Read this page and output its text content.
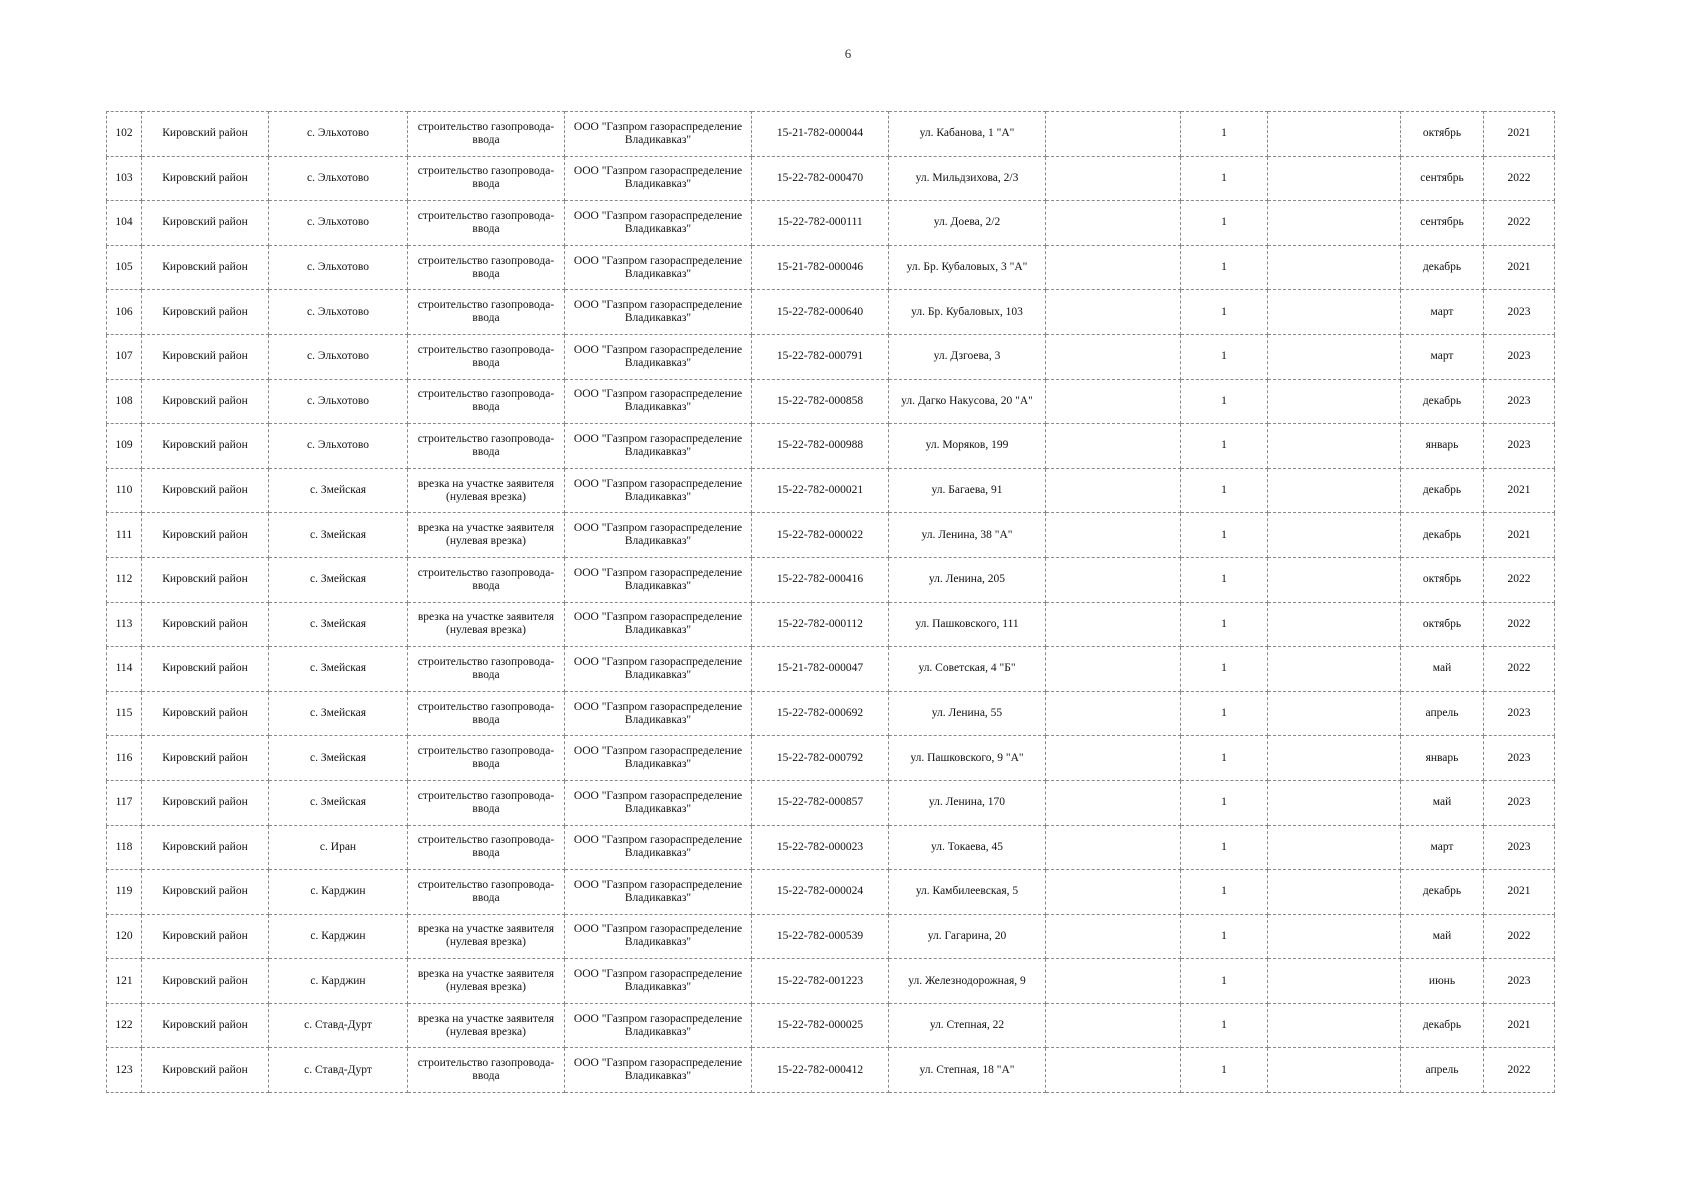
6
102	Кировский район	с. Эльхотово	строительство газопровода-ввода	ООО "Газпром газораспределение Владикавказ"	15-21-782-000044	ул. Кабанова, 1 "А"		1		октябрь	2021
103	Кировский район	с. Эльхотово	строительство газопровода-ввода	ООО "Газпром газораспределение Владикавказ"	15-22-782-000470	ул. Мильдзихова, 2/3		1		сентябрь	2022
104	Кировский район	с. Эльхотово	строительство газопровода-ввода	ООО "Газпром газораспределение Владикавказ"	15-22-782-000111	ул. Доева, 2/2		1		сентябрь	2022
105	Кировский район	с. Эльхотово	строительство газопровода-ввода	ООО "Газпром газораспределение Владикавказ"	15-21-782-000046	ул. Бр. Кубаловых, 3 "А"		1		декабрь	2021
106	Кировский район	с. Эльхотово	строительство газопровода-ввода	ООО "Газпром газораспределение Владикавказ"	15-22-782-000640	ул. Бр. Кубаловых, 103		1		март	2023
107	Кировский район	с. Эльхотово	строительство газопровода-ввода	ООО "Газпром газораспределение Владикавказ"	15-22-782-000791	ул. Дзгоева, 3		1		март	2023
108	Кировский район	с. Эльхотово	строительство газопровода-ввода	ООО "Газпром газораспределение Владикавказ"	15-22-782-000858	ул. Дагко Накусова, 20 "А"		1		декабрь	2023
109	Кировский район	с. Эльхотово	строительство газопровода-ввода	ООО "Газпром газораспределение Владикавказ"	15-22-782-000988	ул. Моряков, 199		1		январь	2023
110	Кировский район	с. Змейская	врезка на участке заявителя (нулевая врезка)	ООО "Газпром газораспределение Владикавказ"	15-22-782-000021	ул. Багаева, 91		1		декабрь	2021
111	Кировский район	с. Змейская	врезка на участке заявителя (нулевая врезка)	ООО "Газпром газораспределение Владикавказ"	15-22-782-000022	ул. Ленина, 38 "А"		1		декабрь	2021
112	Кировский район	с. Змейская	строительство газопровода-ввода	ООО "Газпром газораспределение Владикавказ"	15-22-782-000416	ул. Ленина, 205		1		октябрь	2022
113	Кировский район	с. Змейская	врезка на участке заявителя (нулевая врезка)	ООО "Газпром газораспределение Владикавказ"	15-22-782-000112	ул. Пашковского, 111		1		октябрь	2022
114	Кировский район	с. Змейская	строительство газопровода-ввода	ООО "Газпром газораспределение Владикавказ"	15-21-782-000047	ул. Советская, 4 "Б"		1		май	2022
115	Кировский район	с. Змейская	строительство газопровода-ввода	ООО "Газпром газораспределение Владикавказ"	15-22-782-000692	ул. Ленина, 55		1		апрель	2023
116	Кировский район	с. Змейская	строительство газопровода-ввода	ООО "Газпром газораспределение Владикавказ"	15-22-782-000792	ул. Пашковского, 9 "А"		1		январь	2023
117	Кировский район	с. Змейская	строительство газопровода-ввода	ООО "Газпром газораспределение Владикавказ"	15-22-782-000857	ул. Ленина, 170		1		май	2023
118	Кировский район	с. Иран	строительство газопровода-ввода	ООО "Газпром газораспределение Владикавказ"	15-22-782-000023	ул. Токаева, 45		1		март	2023
119	Кировский район	с. Карджин	строительство газопровода-ввода	ООО "Газпром газораспределение Владикавказ"	15-22-782-000024	ул. Камбилеевская, 5		1		декабрь	2021
120	Кировский район	с. Карджин	врезка на участке заявителя (нулевая врезка)	ООО "Газпром газораспределение Владикавказ"	15-22-782-000539	ул. Гагарина, 20		1		май	2022
121	Кировский район	с. Карджин	врезка на участке заявителя (нулевая врезка)	ООО "Газпром газораспределение Владикавказ"	15-22-782-001223	ул. Железнодорожная, 9		1		июнь	2023
122	Кировский район	с. Ставд-Дурт	врезка на участке заявителя (нулевая врезка)	ООО "Газпром газораспределение Владикавказ"	15-22-782-000025	ул. Степная, 22		1		декабрь	2021
123	Кировский район	с. Ставд-Дурт	строительство газопровода-ввода	ООО "Газпром газораспределение Владикавказ"	15-22-782-000412	ул. Степная, 18 "А"		1		апрель	2022
